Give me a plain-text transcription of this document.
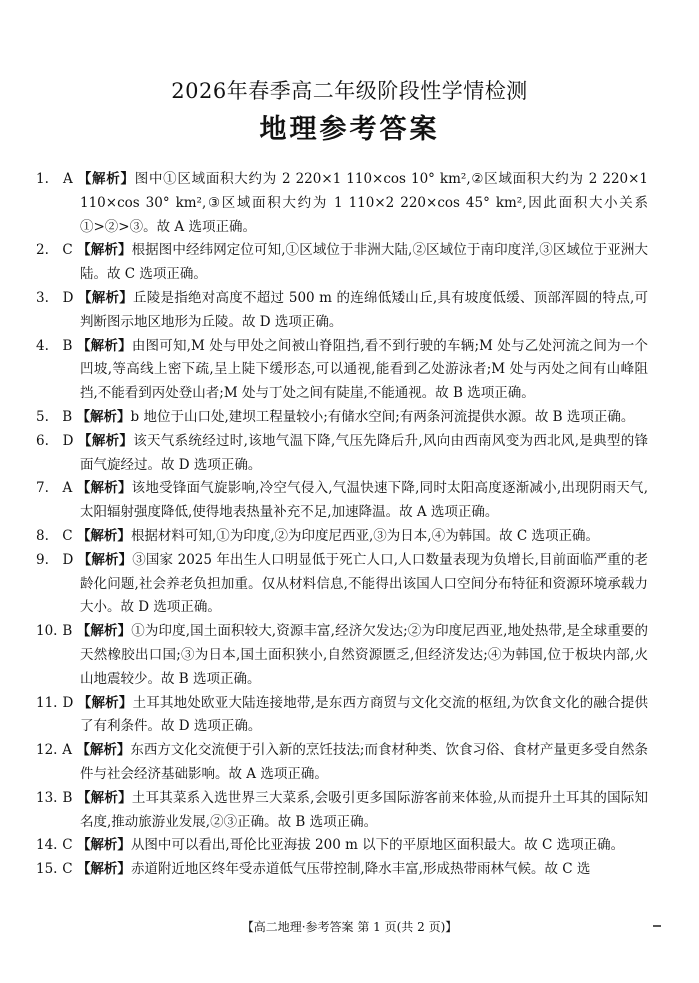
2026年春季高二年级阶段性学情检测
地理参考答案
1. A 【解析】图中①区域面积大约为 2 220×1 110×cos 10° km²,②区域面积大约为 2 220×1 110×cos 30° km²,③区域面积大约为 1 110×2 220×cos 45° km²,因此面积大小关系①>②>③。故 A 选项正确。
2. C 【解析】根据图中经纬网定位可知,①区域位于非洲大陆,②区域位于南印度洋,③区域位于亚洲大陆。故 C 选项正确。
3. D 【解析】丘陵是指绝对高度不超过 500 m 的连绵低矮山丘,具有坡度低缓、顶部浑圆的特点,可判断图示地区地形为丘陵。故 D 选项正确。
4. B 【解析】由图可知,M 处与甲处之间被山脊阻挡,看不到行驶的车辆;M 处与乙处河流之间为一个凹坡,等高线上密下疏,呈上陡下缓形态,可以通视,能看到乙处游泳者;M 处与丙处之间有山峰阻挡,不能看到丙处登山者;M 处与丁处之间有陡崖,不能通视。故 B 选项正确。
5. B 【解析】b 地位于山口处,建坝工程量较小;有储水空间;有两条河流提供水源。故 B 选项正确。
6. D 【解析】该天气系统经过时,该地气温下降,气压先降后升,风向由西南风变为西北风,是典型的锋面气旋经过。故 D 选项正确。
7. A 【解析】该地受锋面气旋影响,冷空气侵入,气温快速下降,同时太阳高度逐渐减小,出现阴雨天气,太阳辐射强度降低,使得地表热量补充不足,加速降温。故 A 选项正确。
8. C 【解析】根据材料可知,①为印度,②为印度尼西亚,③为日本,④为韩国。故 C 选项正确。
9. D 【解析】③国家 2025 年出生人口明显低于死亡人口,人口数量表现为负增长,目前面临严重的老龄化问题,社会养老负担加重。仅从材料信息,不能得出该国人口空间分布特征和资源环境承载力大小。故 D 选项正确。
10. B 【解析】①为印度,国土面积较大,资源丰富,经济欠发达;②为印度尼西亚,地处热带,是全球重要的天然橡胶出口国;③为日本,国土面积狭小,自然资源匮乏,但经济发达;④为韩国,位于板块内部,火山地震较少。故 B 选项正确。
11. D 【解析】土耳其地处欧亚大陆连接地带,是东西方商贸与文化交流的枢纽,为饮食文化的融合提供了有利条件。故 D 选项正确。
12. A 【解析】东西方文化交流便于引入新的烹饪技法;而食材种类、饮食习俗、食材产量更多受自然条件与社会经济基础影响。故 A 选项正确。
13. B 【解析】土耳其菜系入选世界三大菜系,会吸引更多国际游客前来体验,从而提升土耳其的国际知名度,推动旅游业发展,②③正确。故 B 选项正确。
14. C 【解析】从图中可以看出,哥伦比亚海拔 200 m 以下的平原地区面积最大。故 C 选项正确。
15. C 【解析】赤道附近地区终年受赤道低气压带控制,降水丰富,形成热带雨林气候。故 C 选
【高二地理·参考答案 第 1 页(共 2 页)】
